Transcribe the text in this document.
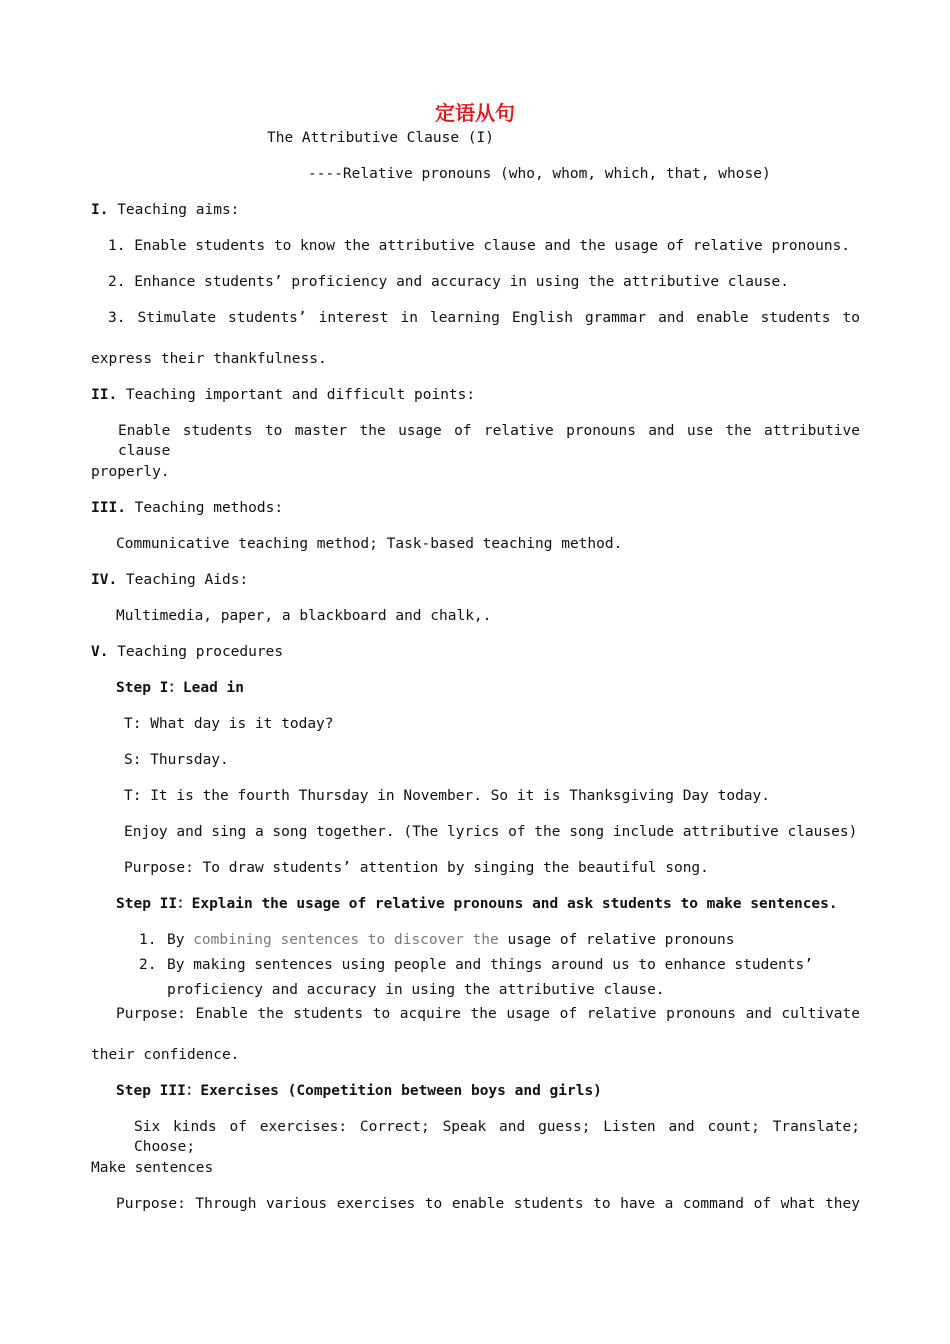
定语从句
The Attributive Clause (I)
----Relative pronouns (who, whom, which, that, whose)
I. Teaching aims:
1. Enable students to know the attributive clause and the usage of relative pronouns.
2. Enhance students’ proficiency and accuracy in using the attributive clause.
3. Stimulate students’ interest in learning English grammar and enable students to
express their thankfulness.
II. Teaching important and difficult points:
Enable students to master the usage of relative pronouns and use the attributive clause
properly.
III. Teaching methods:
Communicative teaching method; Task-based teaching method.
IV. Teaching Aids:
Multimedia, paper, a blackboard and chalk,.
V. Teaching procedures
Step I：Lead in
T: What day is it today?
S: Thursday.
T: It is the fourth Thursday in November. So it is Thanksgiving Day today.
Enjoy and sing a song together. (The lyrics of the song include attributive clauses)
Purpose: To draw students’ attention by singing the beautiful song.
Step II：Explain the usage of relative pronouns and ask students to make sentences.
1. By combining sentences to discover the usage of relative pronouns
2. By making sentences using people and things around us to enhance students’
proficiency and accuracy in using the attributive clause.
Purpose: Enable the students to acquire the usage of relative pronouns and cultivate
their confidence.
Step III：Exercises (Competition between boys and girls)
Six kinds of exercises: Correct; Speak and guess; Listen and count; Translate; Choose;
Make sentences
Purpose: Through various exercises to enable students to have a command of what they
